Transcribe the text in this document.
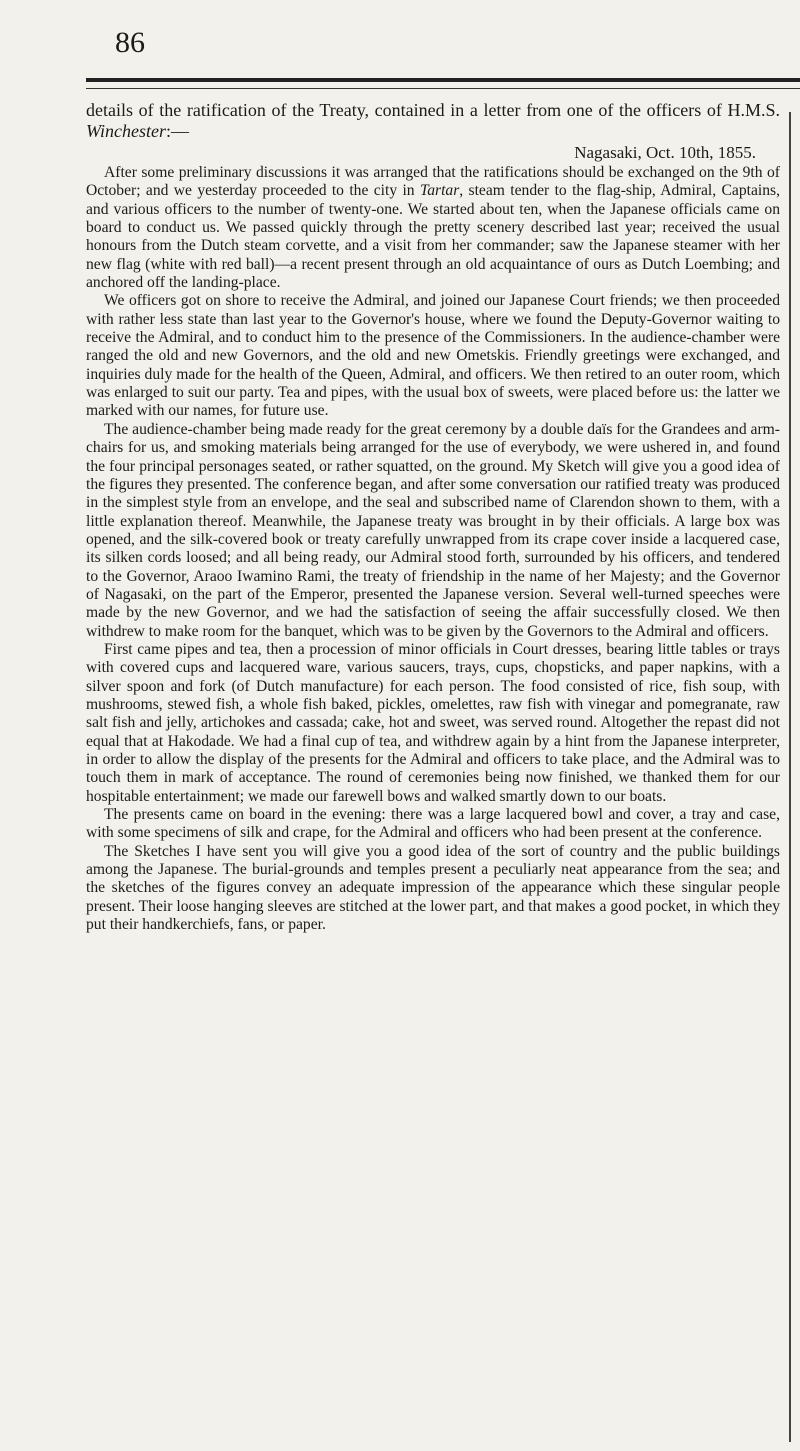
86

details of the ratification of the Treaty, contained in a letter from one of the officers of H.M.S. Winchester:—

Nagasaki, Oct. 10th, 1855.

After some preliminary discussions it was arranged that the ratifications should be exchanged on the 9th of October; and we yesterday proceeded to the city in Tartar, steam tender to the flag-ship, Admiral, Captains, and various officers to the number of twenty-one. We started about ten, when the Japanese officials came on board to conduct us. We passed quickly through the pretty scenery described last year; received the usual honours from the Dutch steam corvette, and a visit from her commander; saw the Japanese steamer with her new flag (white with red ball)—a recent present through an old acquaintance of ours as Dutch Loembing; and anchored off the landing-place.

We officers got on shore to receive the Admiral, and joined our Japanese Court friends; we then proceeded with rather less state than last year to the Governor's house, where we found the Deputy-Governor waiting to receive the Admiral, and to conduct him to the presence of the Commissioners. In the audience-chamber were ranged the old and new Governors, and the old and new Ometskis. Friendly greetings were exchanged, and inquiries duly made for the health of the Queen, Admiral, and officers. We then retired to an outer room, which was enlarged to suit our party. Tea and pipes, with the usual box of sweets, were placed before us: the latter we marked with our names, for future use.

The audience-chamber being made ready for the great ceremony by a double daïs for the Grandees and arm-chairs for us, and smoking materials being arranged for the use of everybody, we were ushered in, and found the four principal personages seated, or rather squatted, on the ground. My Sketch will give you a good idea of the figures they presented. The conference began, and after some conversation our ratified treaty was produced in the simplest style from an envelope, and the seal and subscribed name of Clarendon shown to them, with a little explanation thereof. Meanwhile, the Japanese treaty was brought in by their officials. A large box was opened, and the silk-covered book or treaty carefully unwrapped from its crape cover inside a lacquered case, its silken cords loosed; and all being ready, our Admiral stood forth, surrounded by his officers, and tendered to the Governor, Araoo Iwamino Rami, the treaty of friendship in the name of her Majesty; and the Governor of Nagasaki, on the part of the Emperor, presented the Japanese version. Several well-turned speeches were made by the new Governor, and we had the satisfaction of seeing the affair successfully closed. We then withdrew to make room for the banquet, which was to be given by the Governors to the Admiral and officers.

First came pipes and tea, then a procession of minor officials in Court dresses, bearing little tables or trays with covered cups and lacquered ware, various saucers, trays, cups, chopsticks, and paper napkins, with a silver spoon and fork (of Dutch manufacture) for each person. The food consisted of rice, fish soup, with mushrooms, stewed fish, a whole fish baked, pickles, omelettes, raw fish with vinegar and pomegranate, raw salt fish and jelly, artichokes and cassada; cake, hot and sweet, was served round. Altogether the repast did not equal that at Hakodade. We had a final cup of tea, and withdrew again by a hint from the Japanese interpreter, in order to allow the display of the presents for the Admiral and officers to take place, and the Admiral was to touch them in mark of acceptance. The round of ceremonies being now finished, we thanked them for our hospitable entertainment; we made our farewell bows and walked smartly down to our boats.

The presents came on board in the evening: there was a large lacquered bowl and cover, a tray and case, with some specimens of silk and crape, for the Admiral and officers who had been present at the conference.

The Sketches I have sent you will give you a good idea of the sort of country and the public buildings among the Japanese. The burial-grounds and temples present a peculiarly neat appearance from the sea; and the sketches of the figures convey an adequate impression of the appearance which these singular people present. Their loose hanging sleeves are stitched at the lower part, and that makes a good pocket, in which they put their handkerchiefs, fans, or paper.
